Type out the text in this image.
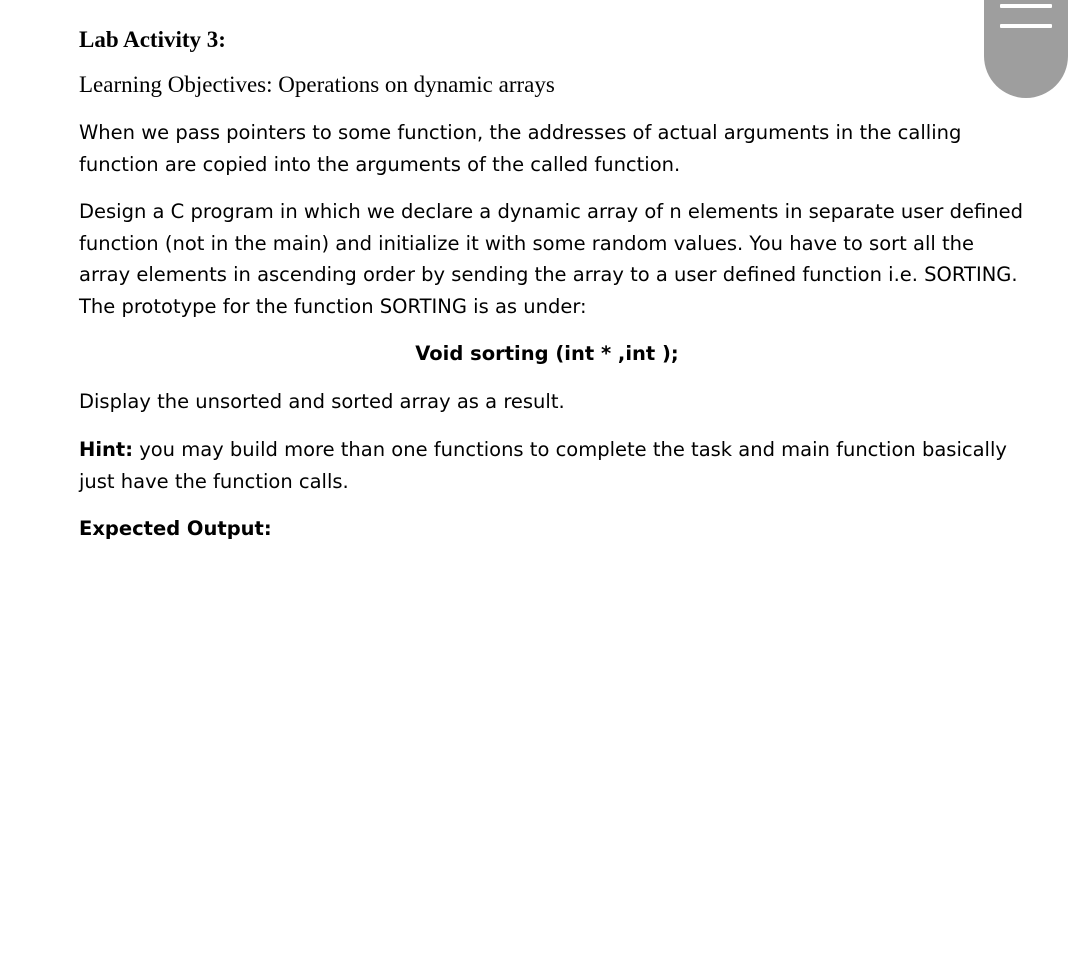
Lab Activity 3:
Learning Objectives: Operations on dynamic arrays

When we pass pointers to some function, the addresses of actual arguments in the calling
function are copied into the arguments of the called function.

Design a C program in which we declare a dynamic array of n elements in separate user defined
function (not in the main) and initialize it with some random values. You have to sort all the
array elements in ascending order by sending the array to a user defined function i.e. SORTING.
The prototype for the function SORTING is as under:

Void sorting (int * ,int );

Display the unsorted and sorted array as a result.

Hint: you may build more than one functions to complete the task and main function basically
just have the function calls.

Expected Output:
